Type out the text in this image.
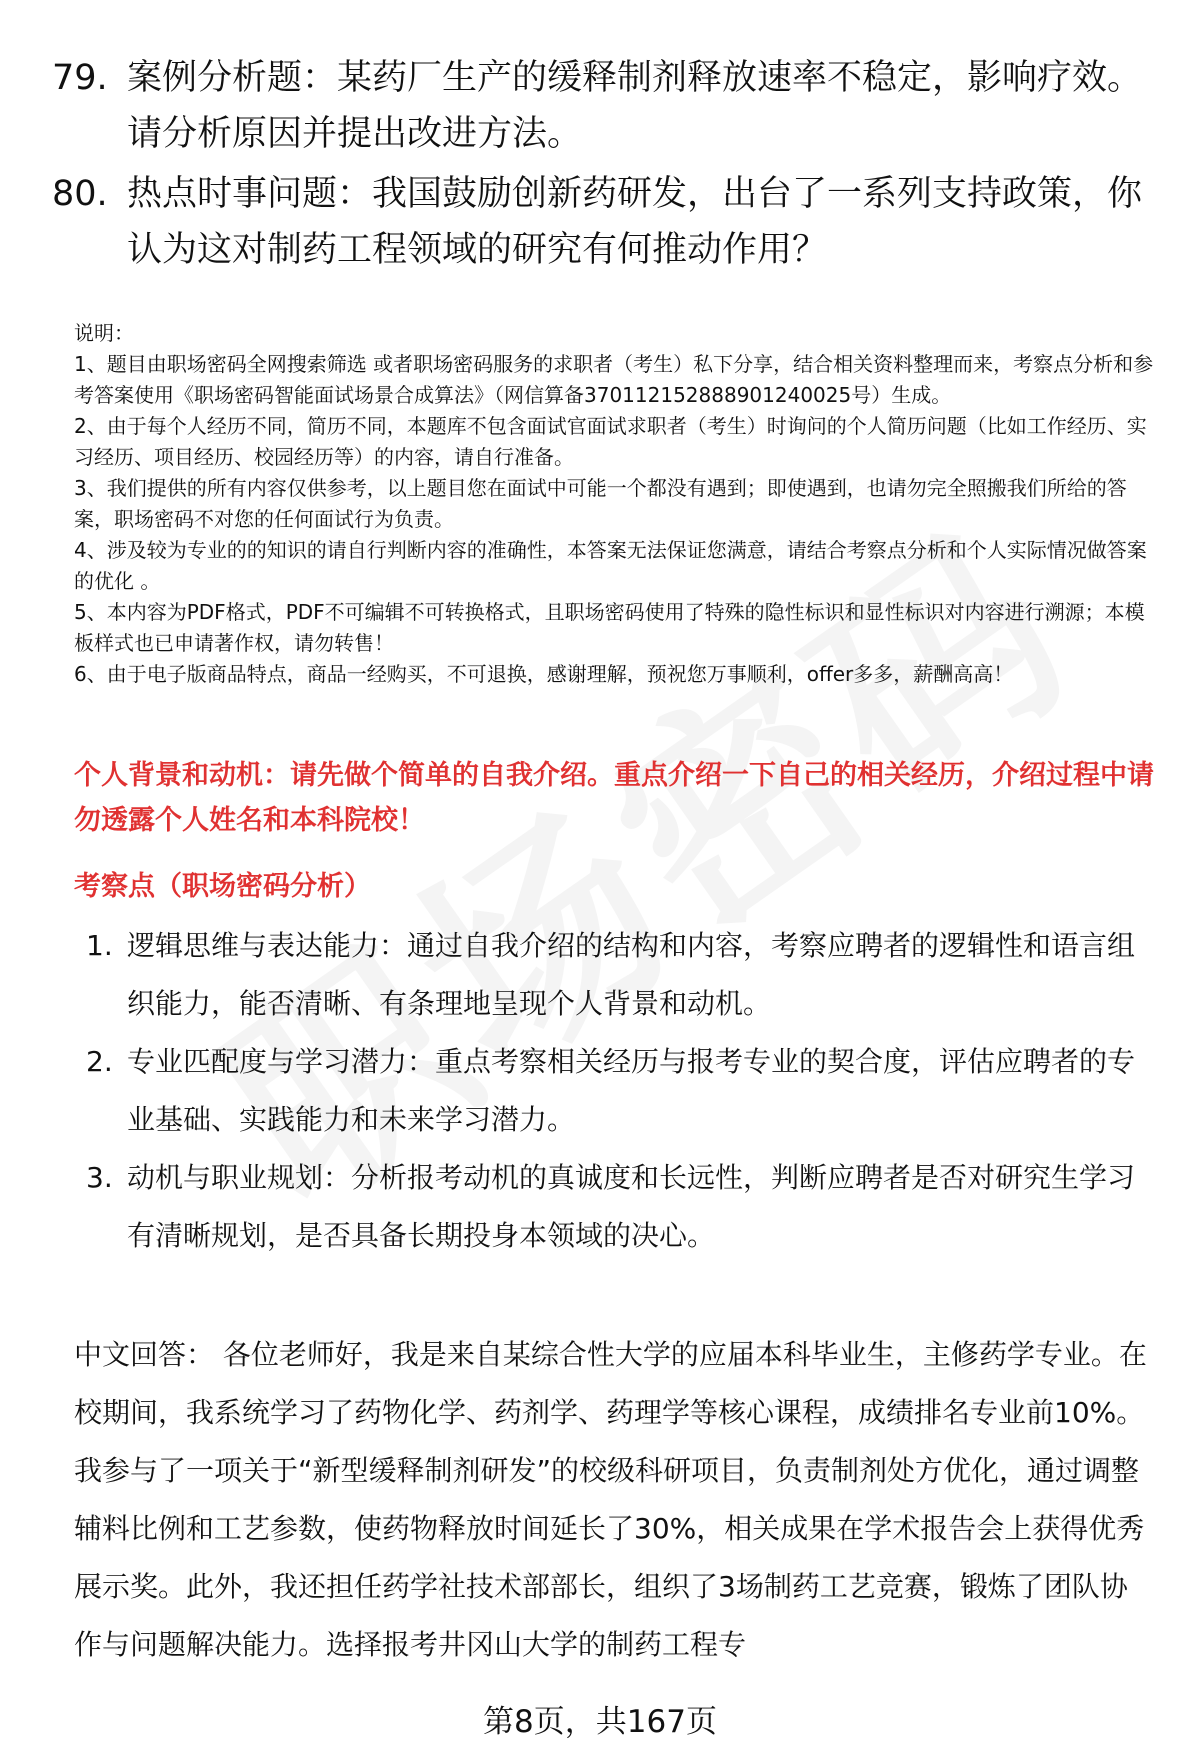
79. 案例分析题：某药厂生产的缓释制剂释放速率不稳定，影响疗效。请分析原因并提出改进方法。
80. 热点时事问题：我国鼓励创新药研发，出台了一系列支持政策，你认为这对制药工程领域的研究有何推动作用？
说明：
1、题目由职场密码全网搜索筛选 或者职场密码服务的求职者（考生）私下分享，结合相关资料整理而来，考察点分析和参考答案使用《职场密码智能面试场景合成算法》（网信算备370112152888901240025号）生成。
2、由于每个人经历不同，简历不同，本题库不包含面试官面试求职者（考生）时询问的个人简历问题（比如工作经历、实习经历、项目经历、校园经历等）的内容，请自行准备。
3、我们提供的所有内容仅供参考，以上题目您在面试中可能一个都没有遇到；即使遇到，也请勿完全照搬我们所给的答案，职场密码不对您的任何面试行为负责。
4、涉及较为专业的的知识的请自行判断内容的准确性，本答案无法保证您满意，请结合考察点分析和个人实际情况做答案的优化 。
5、本内容为PDF格式，PDF不可编辑不可转换格式，且职场密码使用了特殊的隐性标识和显性标识对内容进行溯源；本模板样式也已申请著作权，请勿转售！
6、由于电子版商品特点，商品一经购买，不可退换，感谢理解，预祝您万事顺利，offer多多，薪酬高高！
个人背景和动机：请先做个简单的自我介绍。重点介绍一下自己的相关经历，介绍过程中请勿透露个人姓名和本科院校！
考察点（职场密码分析）
1. 逻辑思维与表达能力：通过自我介绍的结构和内容，考察应聘者的逻辑性和语言组织能力，能否清晰、有条理地呈现个人背景和动机。
2. 专业匹配度与学习潜力：重点考察相关经历与报考专业的契合度，评估应聘者的专业基础、实践能力和未来学习潜力。
3. 动机与职业规划：分析报考动机的真诚度和长远性，判断应聘者是否对研究生学习有清晰规划，是否具备长期投身本领域的决心。
中文回答： 各位老师好，我是来自某综合性大学的应届本科毕业生，主修药学专业。在校期间，我系统学习了药物化学、药剂学、药理学等核心课程，成绩排名专业前10%。我参与了一项关于“新型缓释制剂研发”的校级科研项目，负责制剂处方优化，通过调整辅料比例和工艺参数，使药物释放时间延长了30%，相关成果在学术报告会上获得优秀展示奖。此外，我还担任药学社技术部部长，组织了3场制药工艺竞赛，锻炼了团队协作与问题解决能力。选择报考井冈山大学的制药工程专
第8页，共167页
